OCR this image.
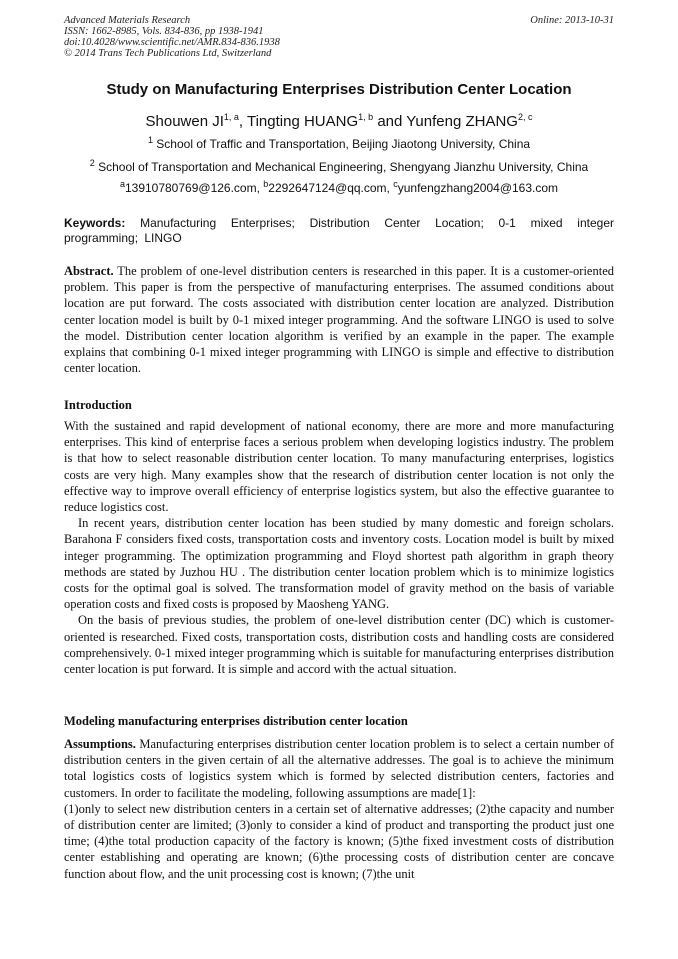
Advanced Materials Research
ISSN: 1662-8985, Vols. 834-836, pp 1938-1941
doi:10.4028/www.scientific.net/AMR.834-836.1938
© 2014 Trans Tech Publications Ltd, Switzerland
Online: 2013-10-31
Study on Manufacturing Enterprises Distribution Center Location
Shouwen JI$^{1, a}$, Tingting HUANG$^{1, b}$ and Yunfeng ZHANG$^{2, c}$
$^1$ School of Traffic and Transportation, Beijing Jiaotong University, China
$^2$ School of Transportation and Mechanical Engineering, Shengyang Jianzhu University, China
$^a$13910780769@126.com, $^b$2292647124@qq.com, $^c$yunfengzhang2004@163.com
Keywords: Manufacturing Enterprises; Distribution Center Location; 0-1 mixed integer programming; LINGO
Abstract. The problem of one-level distribution centers is researched in this paper. It is a customer-oriented problem. This paper is from the perspective of manufacturing enterprises. The assumed conditions about location are put forward. The costs associated with distribution center location are analyzed. Distribution center location model is built by 0-1 mixed integer programming. And the software LINGO is used to solve the model. Distribution center location algorithm is verified by an example in the paper. The example explains that combining 0-1 mixed integer programming with LINGO is simple and effective to distribution center location.
Introduction

With the sustained and rapid development of national economy, there are more and more manufacturing enterprises. This kind of enterprise faces a serious problem when developing logistics industry. The problem is that how to select reasonable distribution center location. To many manufacturing enterprises, logistics costs are very high. Many examples show that the research of distribution center location is not only the effective way to improve overall efficiency of enterprise logistics system, but also the effective guarantee to reduce logistics cost.

In recent years, distribution center location has been studied by many domestic and foreign scholars. Barahona F considers fixed costs, transportation costs and inventory costs. Location model is built by mixed integer programming. The optimization programming and Floyd shortest path algorithm in graph theory methods are stated by Juzhou HU . The distribution center location problem which is to minimize logistics costs for the optimal goal is solved. The transformation model of gravity method on the basis of variable operation costs and fixed costs is proposed by Maosheng YANG.

On the basis of previous studies, the problem of one-level distribution center (DC) which is customer-oriented is researched. Fixed costs, transportation costs, distribution costs and handling costs are considered comprehensively. 0-1 mixed integer programming which is suitable for manufacturing enterprises distribution center location is put forward. It is simple and accord with the actual situation.

Modeling manufacturing enterprises distribution center location

Assumptions. Manufacturing enterprises distribution center location problem is to select a certain number of distribution centers in the given certain of all the alternative addresses. The goal is to achieve the minimum total logistics costs of logistics system which is formed by selected distribution centers, factories and customers. In order to facilitate the modeling, following assumptions are made[1]:

(1)only to select new distribution centers in a certain set of alternative addresses; (2)the capacity and number of distribution center are limited; (3)only to consider a kind of product and transporting the product just one time; (4)the total production capacity of the factory is known; (5)the fixed investment costs of distribution center establishing and operating are known; (6)the processing costs of distribution center are concave function about flow, and the unit processing cost is known; (7)the unit
